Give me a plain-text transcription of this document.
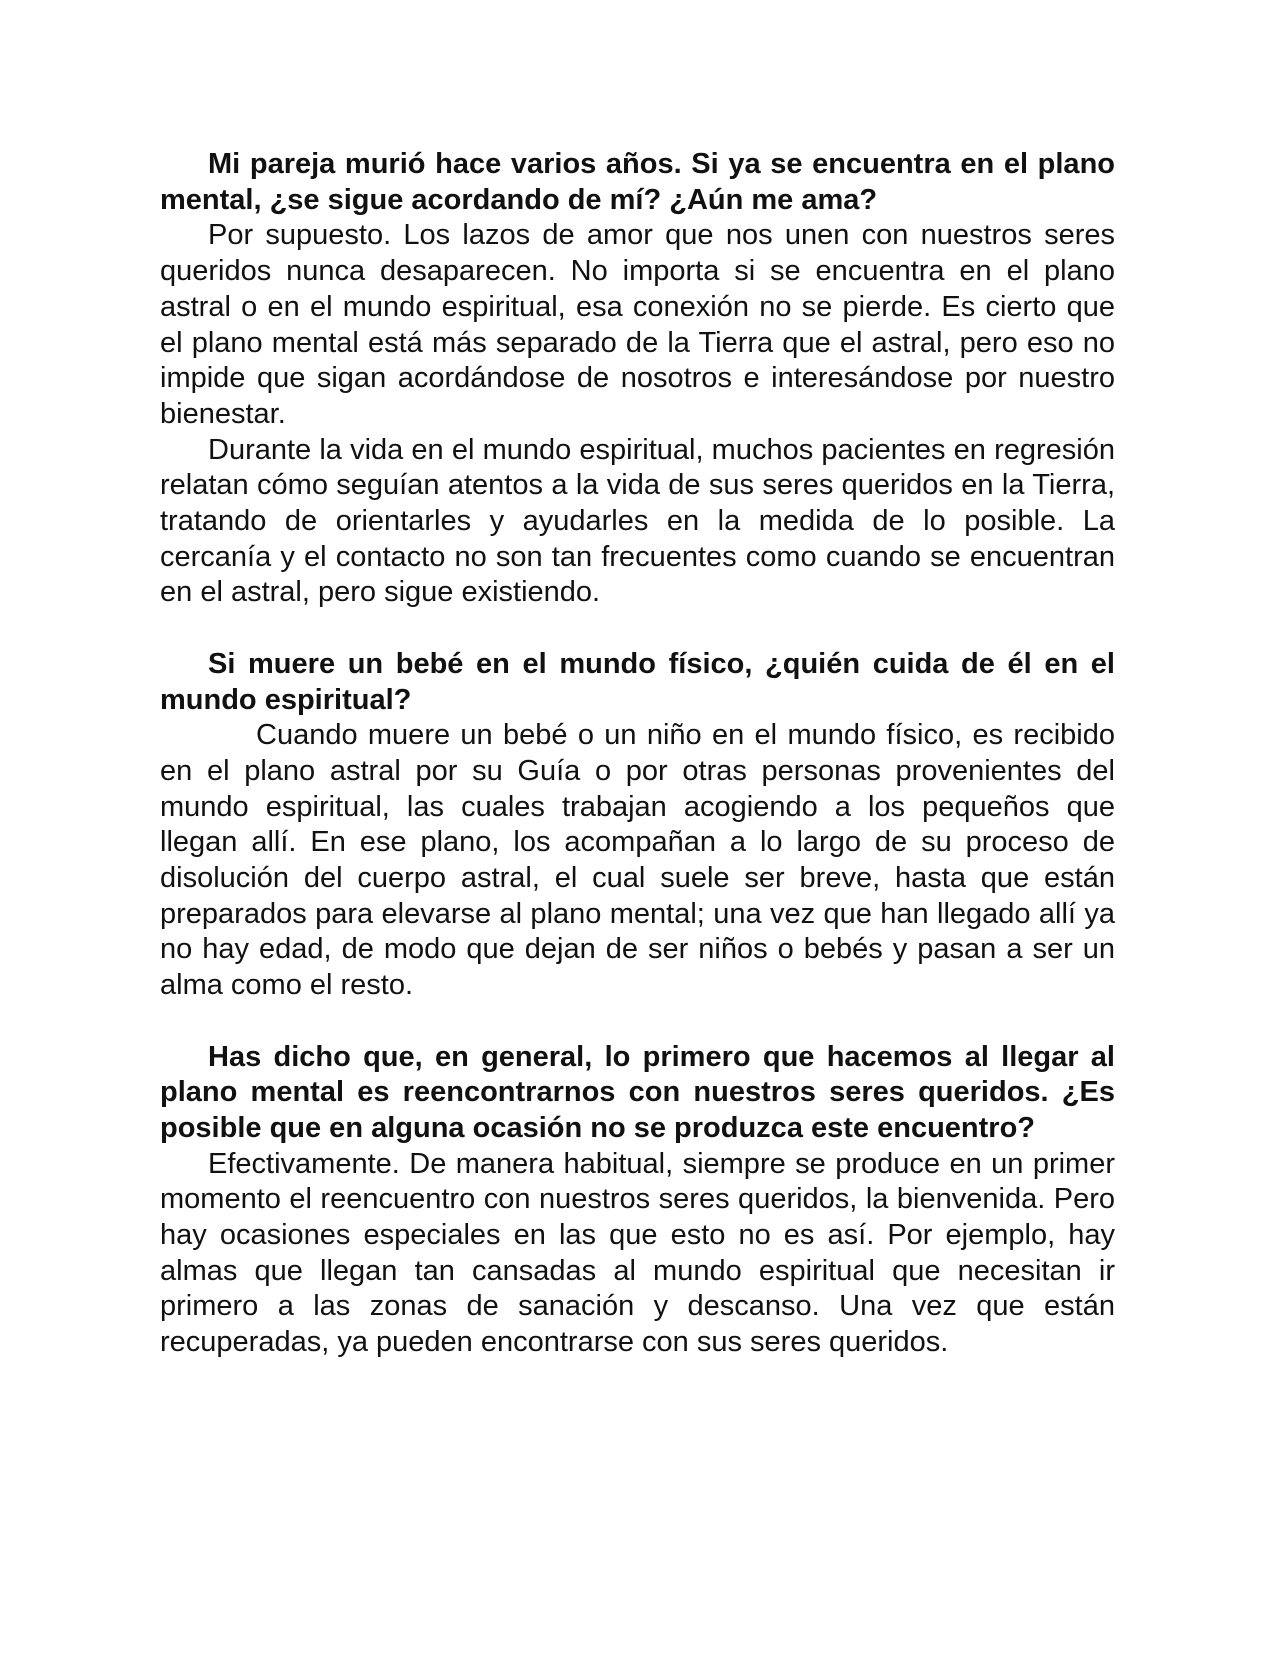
Mi pareja murió hace varios años. Si ya se encuentra en el plano mental, ¿se sigue acordando de mí? ¿Aún me ama?

Por supuesto. Los lazos de amor que nos unen con nuestros seres queridos nunca desaparecen. No importa si se encuentra en el plano astral o en el mundo espiritual, esa conexión no se pierde. Es cierto que el plano mental está más separado de la Tierra que el astral, pero eso no impide que sigan acordándose de nosotros e interesándose por nuestro bienestar.

Durante la vida en el mundo espiritual, muchos pacientes en regresión relatan cómo seguían atentos a la vida de sus seres queridos en la Tierra, tratando de orientarles y ayudarles en la medida de lo posible. La cercanía y el contacto no son tan frecuentes como cuando se encuentran en el astral, pero sigue existiendo.

Si muere un bebé en el mundo físico, ¿quién cuida de él en el mundo espiritual?

Cuando muere un bebé o un niño en el mundo físico, es recibido en el plano astral por su Guía o por otras personas provenientes del mundo espiritual, las cuales trabajan acogiendo a los pequeños que llegan allí. En ese plano, los acompañan a lo largo de su proceso de disolución del cuerpo astral, el cual suele ser breve, hasta que están preparados para elevarse al plano mental; una vez que han llegado allí ya no hay edad, de modo que dejan de ser niños o bebés y pasan a ser un alma como el resto.

Has dicho que, en general, lo primero que hacemos al llegar al plano mental es reencontrarnos con nuestros seres queridos. ¿Es posible que en alguna ocasión no se produzca este encuentro?

Efectivamente. De manera habitual, siempre se produce en un primer momento el reencuentro con nuestros seres queridos, la bienvenida. Pero hay ocasiones especiales en las que esto no es así. Por ejemplo, hay almas que llegan tan cansadas al mundo espiritual que necesitan ir primero a las zonas de sanación y descanso. Una vez que están recuperadas, ya pueden encontrarse con sus seres queridos.
